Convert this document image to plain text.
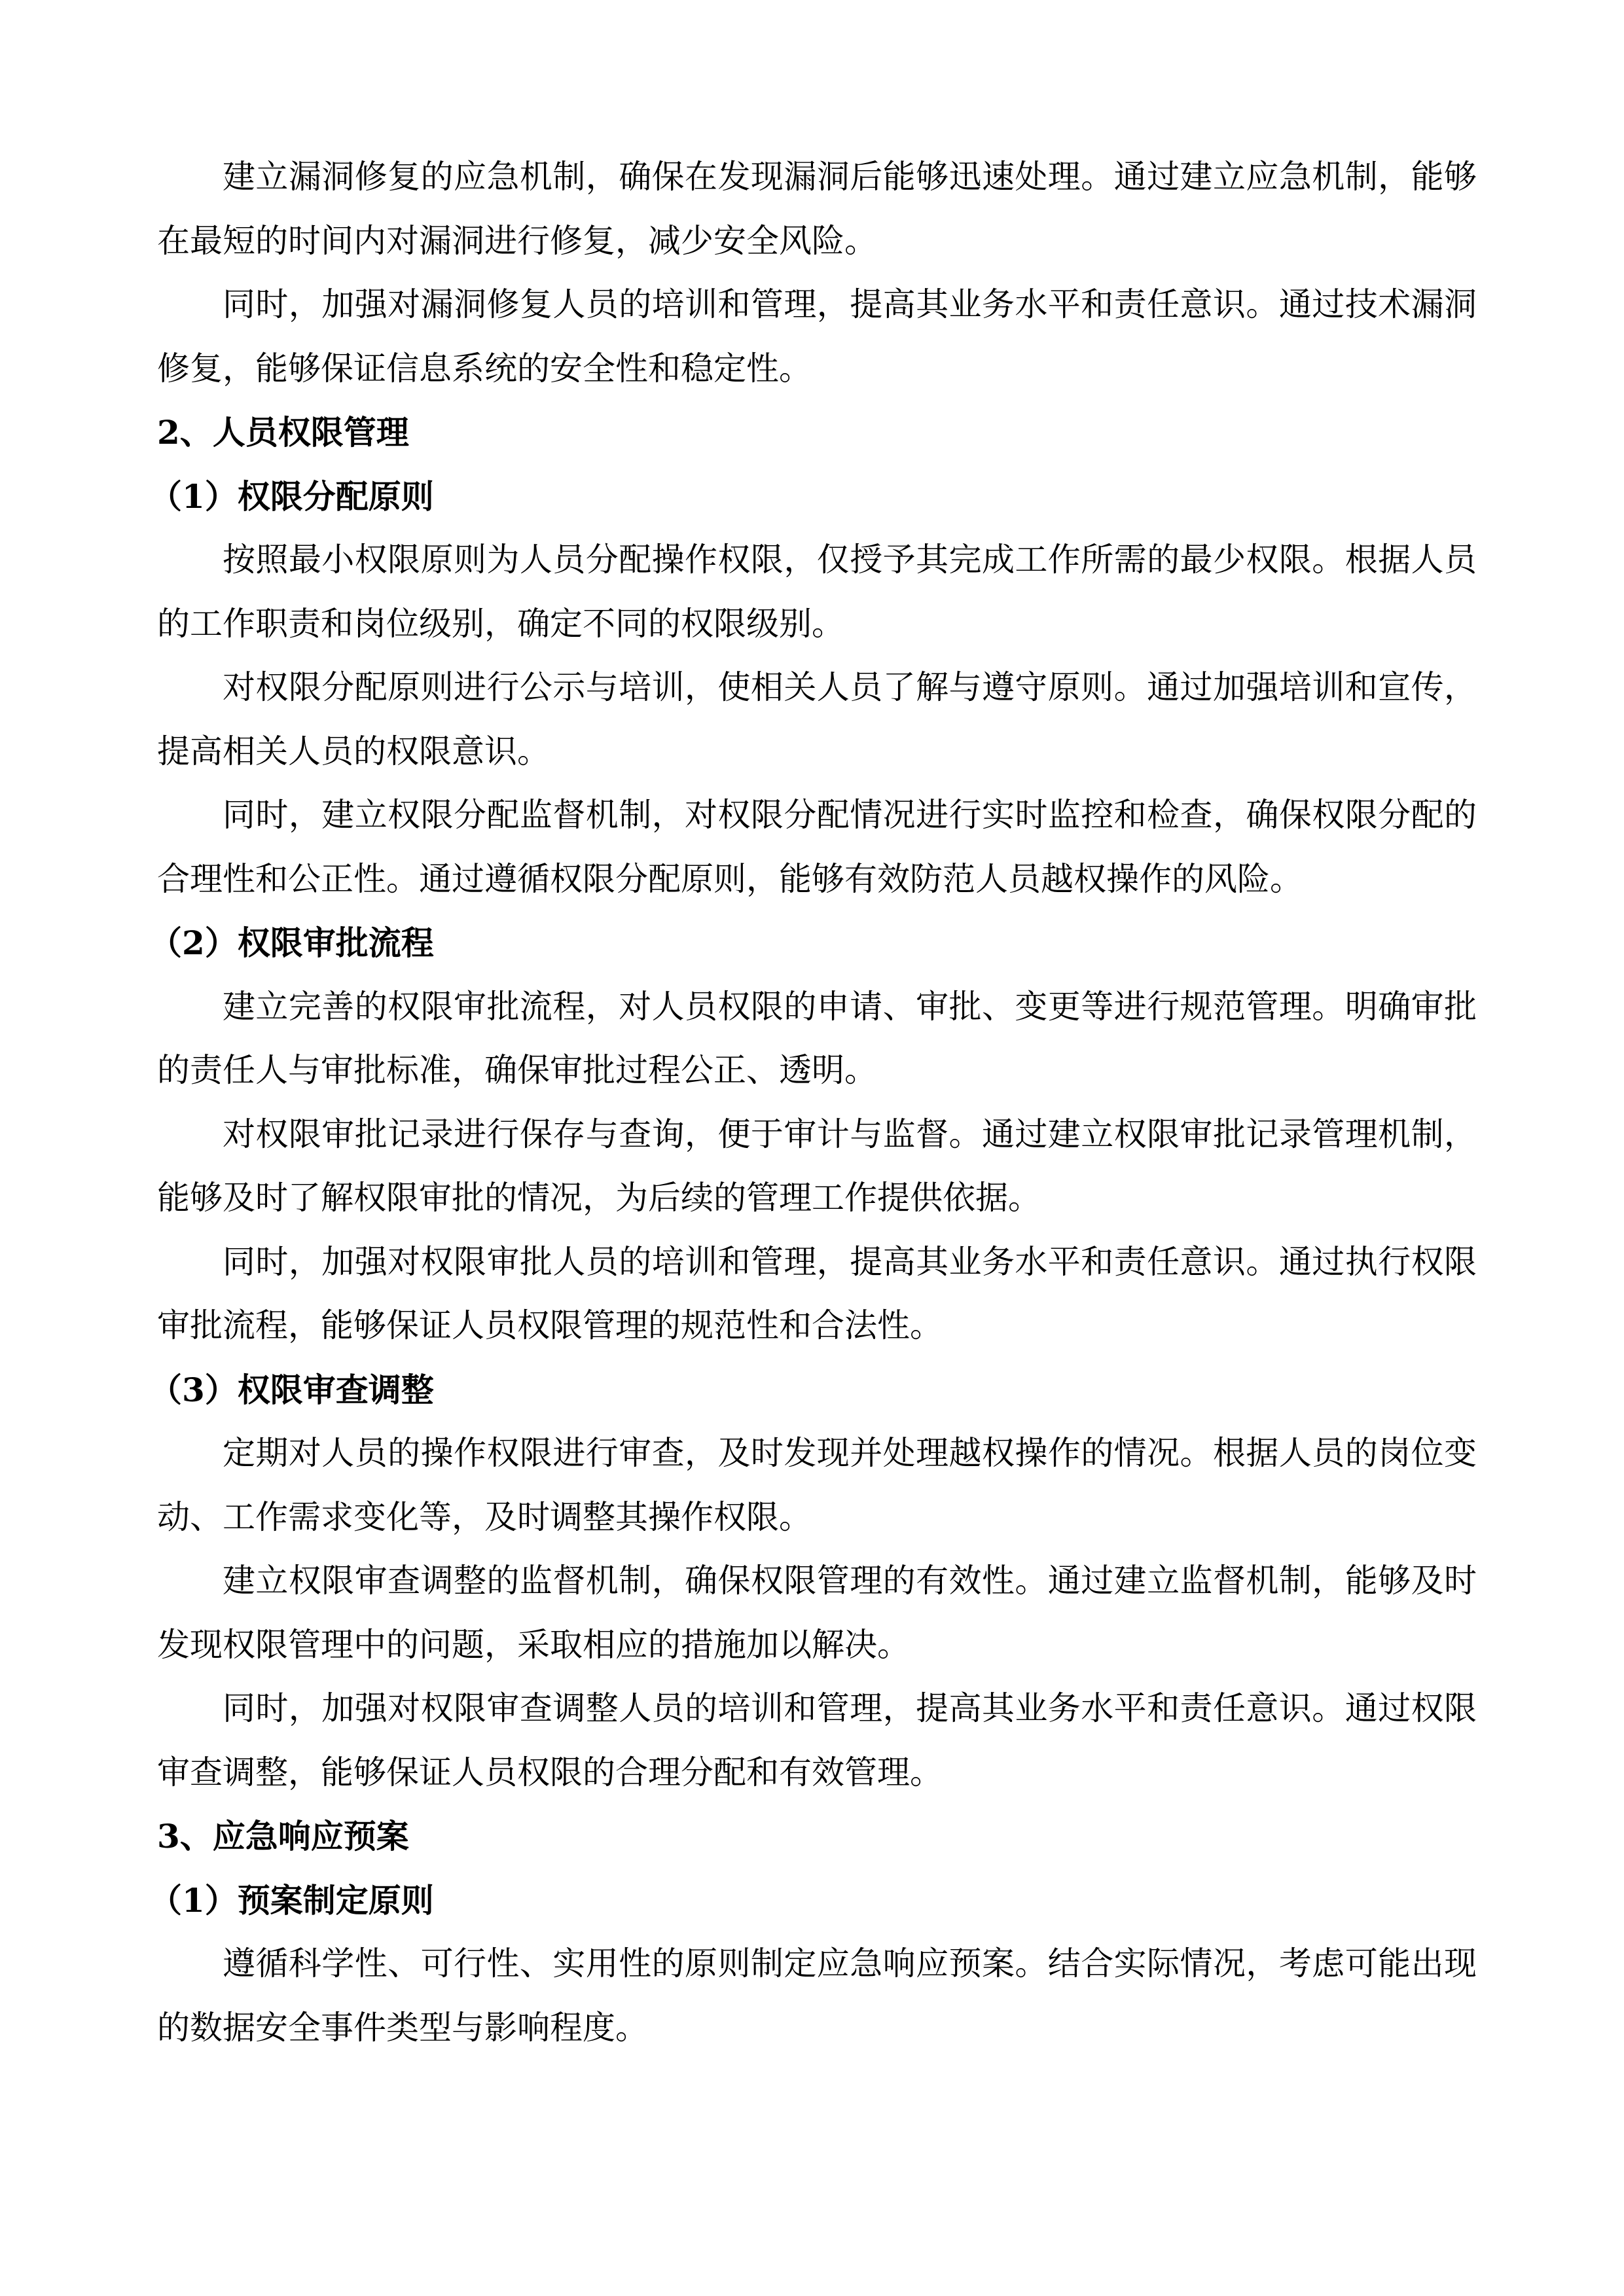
建立漏洞修复的应急机制，确保在发现漏洞后能够迅速处理。通过建立应急机制，能够
在最短的时间内对漏洞进行修复，减少安全风险。
同时，加强对漏洞修复人员的培训和管理，提高其业务水平和责任意识。通过技术漏洞
修复，能够保证信息系统的安全性和稳定性。
2、人员权限管理
（1）权限分配原则
按照最小权限原则为人员分配操作权限，仅授予其完成工作所需的最少权限。根据人员
的工作职责和岗位级别，确定不同的权限级别。
对权限分配原则进行公示与培训，使相关人员了解与遵守原则。通过加强培训和宣传，
提高相关人员的权限意识。
同时，建立权限分配监督机制，对权限分配情况进行实时监控和检查，确保权限分配的
合理性和公正性。通过遵循权限分配原则，能够有效防范人员越权操作的风险。
（2）权限审批流程
建立完善的权限审批流程，对人员权限的申请、审批、变更等进行规范管理。明确审批
的责任人与审批标准，确保审批过程公正、透明。
对权限审批记录进行保存与查询，便于审计与监督。通过建立权限审批记录管理机制，
能够及时了解权限审批的情况，为后续的管理工作提供依据。
同时，加强对权限审批人员的培训和管理，提高其业务水平和责任意识。通过执行权限
审批流程，能够保证人员权限管理的规范性和合法性。
（3）权限审查调整
定期对人员的操作权限进行审查，及时发现并处理越权操作的情况。根据人员的岗位变
动、工作需求变化等，及时调整其操作权限。
建立权限审查调整的监督机制，确保权限管理的有效性。通过建立监督机制，能够及时
发现权限管理中的问题，采取相应的措施加以解决。
同时，加强对权限审查调整人员的培训和管理，提高其业务水平和责任意识。通过权限
审查调整，能够保证人员权限的合理分配和有效管理。
3、应急响应预案
（1）预案制定原则
遵循科学性、可行性、实用性的原则制定应急响应预案。结合实际情况，考虑可能出现
的数据安全事件类型与影响程度。
